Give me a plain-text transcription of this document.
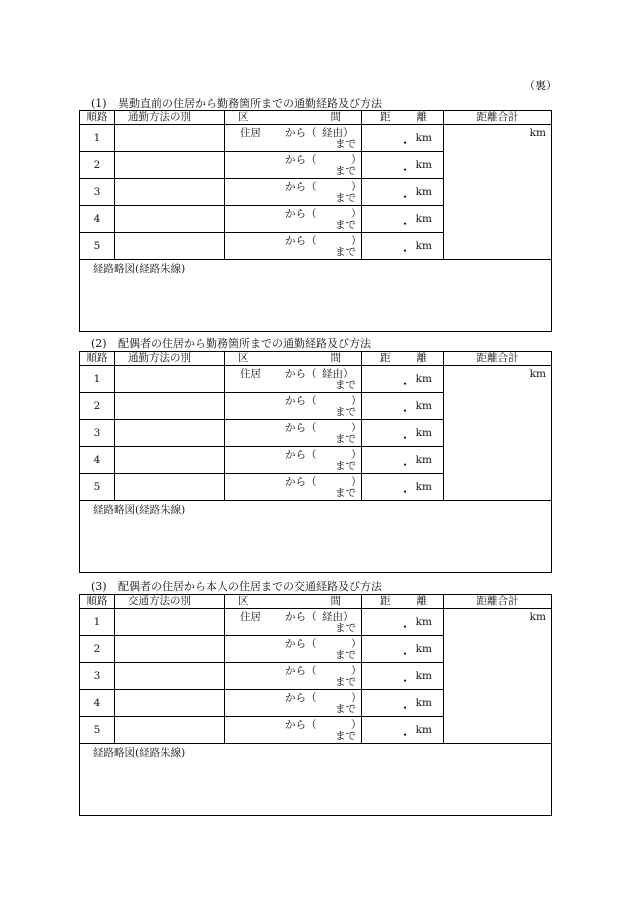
（裏）
(1) 異動直前の住居から勤務箇所までの通勤経路及び方法
順路	通勤方法の別	区 間	距 離	距離合計
1		住居 から（ 経由）
まで	・ km	km

2		から（ ）
まで	・ km	

3		から（ ）
まで	・ km	

4		から（ ）
まで	・ km	

5		から（ ）
まで	・ km	

経路略図(経路朱線)				
(2) 配偶者の住居から勤務箇所までの通勤経路及び方法
順路	通勤方法の別	区 間	距 離	距離合計
1		住居 から（ 経由）
まで	・ km	km

2		から（ ）
まで	・ km	

3		から（ ）
まで	・ km	

4		から（ ）
まで	・ km	

5		から（ ）
まで	・ km	

経路略図(経路朱線)				
(3) 配偶者の住居から本人の住居までの交通経路及び方法
順路	交通方法の別	区 間	距 離	距離合計
1		住居 から（ 経由）
まで	・ km	km

2		から（ ）
まで	・ km	

3		から（ ）
まで	・ km	

4		から（ ）
まで	・ km	

5		から（ ）
まで	・ km	

経路略図(経路朱線)				
